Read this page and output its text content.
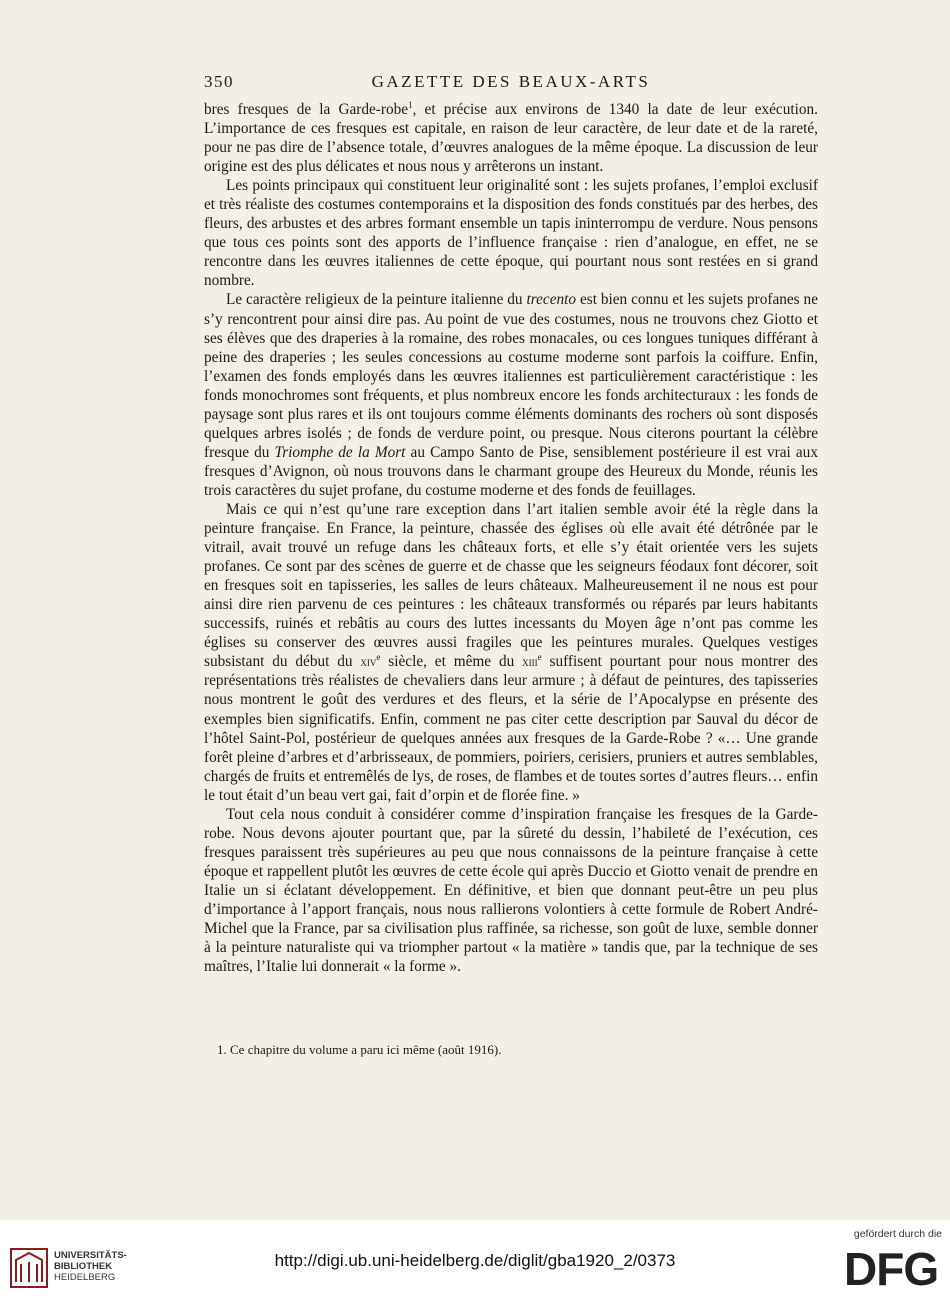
350	GAZETTE DES BEAUX-ARTS

bres fresques de la Garde-robe$^1$, et précise aux environs de 1340 la date de leur exécution. L’importance de ces fresques est capitale, en raison de leur caractère, de leur date et de la rareté, pour ne pas dire de l’absence totale, d’œuvres analogues de la même époque. La discussion de leur origine est des plus délicates et nous nous y arrêterons un instant.

Les points principaux qui constituent leur originalité sont : les sujets profanes, l’emploi exclusif et très réaliste des costumes contemporains et la disposition des fonds constitués par des herbes, des fleurs, des arbustes et des arbres formant ensemble un tapis ininterrompu de verdure. Nous pensons que tous ces points sont des apports de l’influence française : rien d’analogue, en effet, ne se rencontre dans les œuvres italiennes de cette époque, qui pourtant nous sont restées en si grand nombre.

Le caractère religieux de la peinture italienne du trecento est bien connu et les sujets profanes ne s’y rencontrent pour ainsi dire pas. Au point de vue des costumes, nous ne trouvons chez Giotto et ses élèves que des draperies à la romaine, des robes monacales, ou ces longues tuniques différant à peine des draperies ; les seules concessions au costume moderne sont parfois la coiffure. Enfin, l’examen des fonds employés dans les œuvres italiennes est particulièrement caractéristique : les fonds monochromes sont fréquents, et plus nombreux encore les fonds architecturaux : les fonds de paysage sont plus rares et ils ont toujours comme éléments dominants des rochers où sont disposés quelques arbres isolés ; de fonds de verdure point, ou presque. Nous citerons pourtant la célèbre fresque du Triomphe de la Mort au Campo Santo de Pise, sensiblement postérieure il est vrai aux fresques d’Avignon, où nous trouvons dans le charmant groupe des Heureux du Monde, réunis les trois caractères du sujet profane, du costume moderne et des fonds de feuillages.

Mais ce qui n’est qu’une rare exception dans l’art italien semble avoir été la règle dans la peinture française. En France, la peinture, chassée des églises où elle avait été détrônée par le vitrail, avait trouvé un refuge dans les châteaux forts, et elle s’y était orientée vers les sujets profanes. Ce sont par des scènes de guerre et de chasse que les seigneurs féodaux font décorer, soit en fresques soit en tapisseries, les salles de leurs châteaux. Malheureusement il ne nous est pour ainsi dire rien parvenu de ces peintures : les châteaux transformés ou réparés par leurs habitants successifs, ruinés et rebâtis au cours des luttes incessants du Moyen âge n’ont pas comme les églises su conserver des œuvres aussi fragiles que les peintures murales. Quelques vestiges subsistant du début du xiv$^e$ siècle, et même du xiii$^e$ suffisent pourtant pour nous montrer des représentations très réalistes de chevaliers dans leur armure ; à défaut de peintures, des tapisseries nous montrent le goût des verdures et des fleurs, et la série de l’Apocalypse en présente des exemples bien significatifs. Enfin, comment ne pas citer cette description par Sauval du décor de l’hôtel Saint-Pol, postérieur de quelques années aux fresques de la Garde-Robe ? «… Une grande forêt pleine d’arbres et d’arbrisseaux, de pommiers, poiriers, cerisiers, pruniers et autres semblables, chargés de fruits et entremêlés de lys, de roses, de flambes et de toutes sortes d’autres fleurs… enfin le tout était d’un beau vert gai, fait d’orpin et de florée fine. »

Tout cela nous conduit à considérer comme d’inspiration française les fresques de la Garde-robe. Nous devons ajouter pourtant que, par la sûreté du dessin, l’habileté de l’exécution, ces fresques paraissent très supérieures au peu que nous connaissons de la peinture française à cette époque et rappellent plutôt les œuvres de cette école qui après Duccio et Giotto venait de prendre en Italie un si éclatant développement. En définitive, et bien que donnant peut-être un peu plus d’importance à l’apport français, nous nous rallierons volontiers à cette formule de Robert André-Michel que la France, par sa civilisation plus raffinée, sa richesse, son goût de luxe, semble donner à la peinture naturaliste qui va triompher partout « la matière » tandis que, par la technique de ses maîtres, l’Italie lui donnerait « la forme ».

1. Ce chapitre du volume a paru ici même (août 1916).
UNIVERSITÄTS-
BIBLIOTHEK
HEIDELBERG
http://digi.ub.uni-heidelberg.de/diglit/gba1920_2/0373
gefördert durch die
DFG
